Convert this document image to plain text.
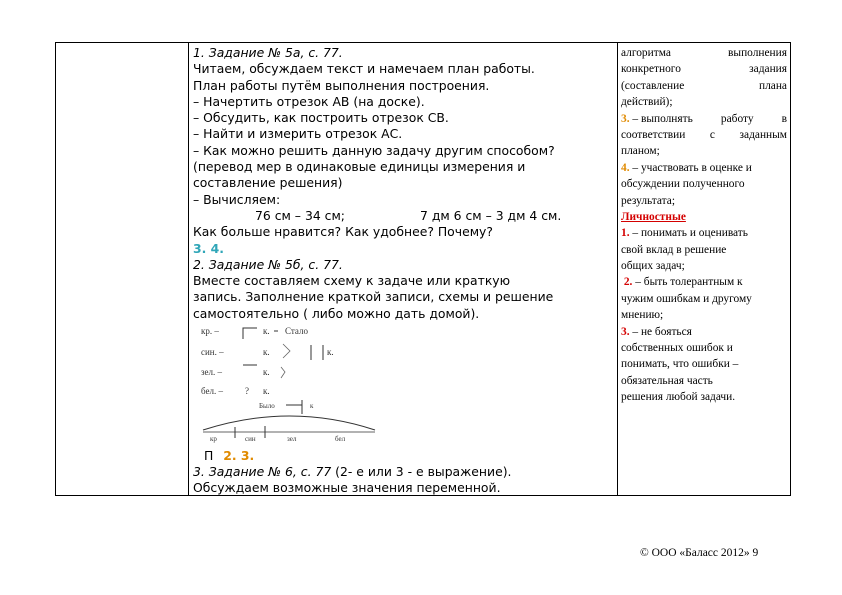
1. Задание № 5а, с. 77.
Читаем, обсуждаем текст и намечаем план работы.
План работы путём выполнения построения.
– Начертить отрезок АВ (на доске).
– Обсудить, как построить отрезок СВ.
– Найти и измерить отрезок АС.
– Как можно решить данную задачу другим способом?
(перевод мер в одинаковые единицы измерения и
составление решения)
– Вычисляем:
76 см – 34 см;	7 дм 6 см – 3 дм 4 см.
Как больше нравится? Как удобнее? Почему?
3. 4.
2. Задание № 5б, с. 77.
Вместе составляем схему к задаче или краткую
запись. Заполнение краткой записи, схемы и решение
самостоятельно ( либо можно дать домой).
П 2. 3.
3. Задание № 6, с. 77 (2- е или 3 - е выражение).
Обсуждаем возможные значения переменной.
алгоритма	выполнения
конкретного	задания
(составление	плана
действий);
3. – выполнять работу в
соответствии с заданным
планом;
4. – участвовать в оценке и
обсуждении полученного
результата;
Личностные
1. – понимать и оценивать
свой вклад в решение
общих задач;
2. – быть толерантным к
чужим ошибкам и другому
мнению;
3. – не бояться
собственных ошибок и
понимать, что ошибки –
обязательная часть
решения любой задачи.
кр. –	к. Стало
син. –	к.	к.
зел. –	к.
бел. – ? к.
Было	к
кр	син	зел	бел
© ООО «Баласс 2012» 9
